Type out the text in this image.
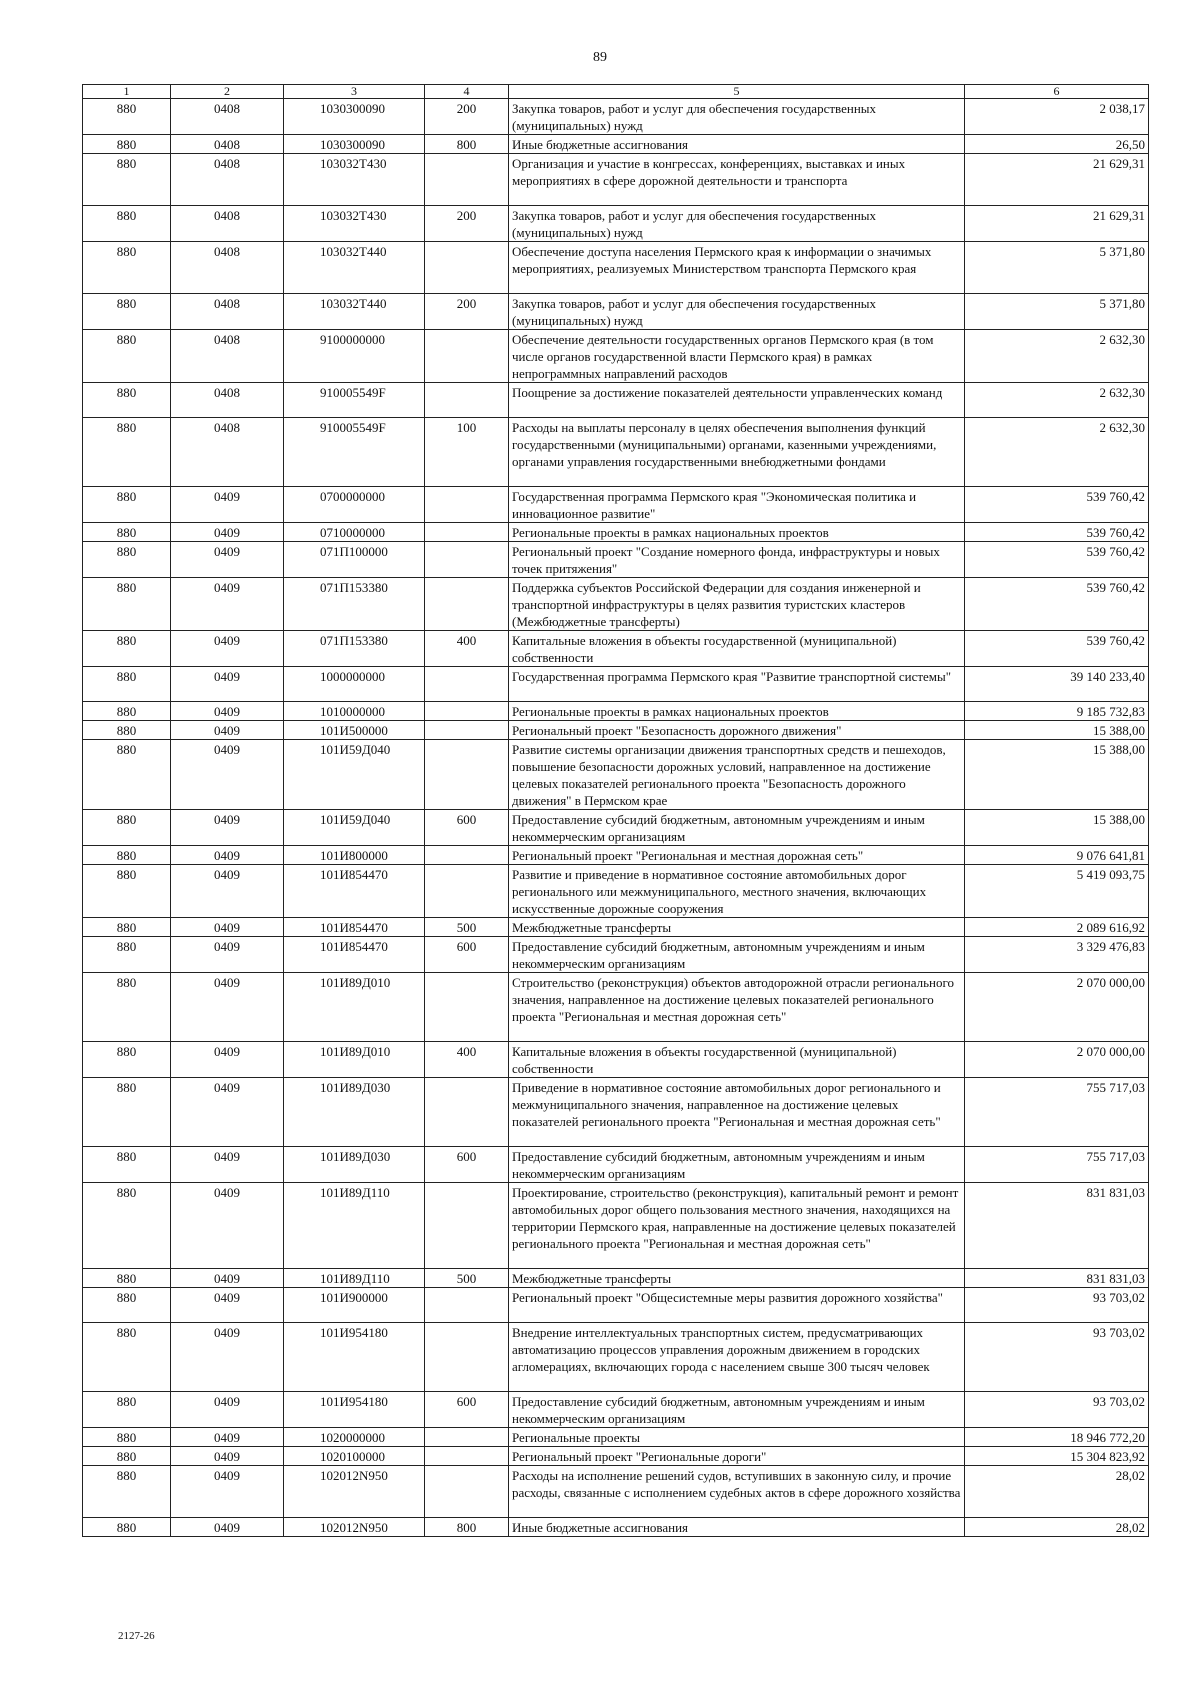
89
1	2	3	4	5	6
880	0408	1030300090	200	Закупка товаров, работ и услуг для обеспечения государственных (муниципальных) нужд	2 038,17
880	0408	1030300090	800	Иные бюджетные ассигнования	26,50
880	0408	103032Т430		Организация и участие в конгрессах, конференциях, выставках и иных мероприятиях в сфере дорожной деятельности и транспорта	21 629,31
880	0408	103032Т430	200	Закупка товаров, работ и услуг для обеспечения государственных (муниципальных) нужд	21 629,31
880	0408	103032Т440		Обеспечение доступа населения Пермского края к информации о значимых мероприятиях, реализуемых Министерством транспорта Пермского края	5 371,80
880	0408	103032Т440	200	Закупка товаров, работ и услуг для обеспечения государственных (муниципальных) нужд	5 371,80
880	0408	9100000000		Обеспечение деятельности государственных органов Пермского края (в том числе органов государственной власти Пермского края) в рамках непрограммных направлений расходов	2 632,30
880	0408	910005549F		Поощрение за достижение показателей деятельности управленческих команд	2 632,30
880	0408	910005549F	100	Расходы на выплаты персоналу в целях обеспечения выполнения функций государственными (муниципальными) органами, казенными учреждениями, органами управления государственными внебюджетными фондами	2 632,30
880	0409	0700000000		Государственная программа Пермского края "Экономическая политика и инновационное развитие"	539 760,42
880	0409	0710000000		Региональные проекты в рамках национальных проектов	539 760,42
880	0409	071П100000		Региональный проект "Создание номерного фонда, инфраструктуры и новых точек притяжения"	539 760,42
880	0409	071П153380		Поддержка субъектов Российской Федерации для создания инженерной и транспортной инфраструктуры в целях развития туристских кластеров (Межбюджетные трансферты)	539 760,42
880	0409	071П153380	400	Капитальные вложения в объекты государственной (муниципальной) собственности	539 760,42
880	0409	1000000000		Государственная программа Пермского края "Развитие транспортной системы"	39 140 233,40
880	0409	1010000000		Региональные проекты в рамках национальных проектов	9 185 732,83
880	0409	101И500000		Региональный проект "Безопасность дорожного движения"	15 388,00
880	0409	101И59Д040		Развитие системы организации движения транспортных средств и пешеходов, повышение безопасности дорожных условий, направленное на достижение целевых показателей регионального проекта "Безопасность дорожного движения" в Пермском крае	15 388,00
880	0409	101И59Д040	600	Предоставление субсидий бюджетным, автономным учреждениям и иным некоммерческим организациям	15 388,00
880	0409	101И800000		Региональный проект "Региональная и местная дорожная сеть"	9 076 641,81
880	0409	101И854470		Развитие и приведение в нормативное состояние автомобильных дорог регионального или межмуниципального, местного значения, включающих искусственные дорожные сооружения	5 419 093,75
880	0409	101И854470	500	Межбюджетные трансферты	2 089 616,92
880	0409	101И854470	600	Предоставление субсидий бюджетным, автономным учреждениям и иным некоммерческим организациям	3 329 476,83
880	0409	101И89Д010		Строительство (реконструкция) объектов автодорожной отрасли регионального значения, направленное на достижение целевых показателей регионального проекта "Региональная и местная дорожная сеть"	2 070 000,00
880	0409	101И89Д010	400	Капитальные вложения в объекты государственной (муниципальной) собственности	2 070 000,00
880	0409	101И89Д030		Приведение в нормативное состояние автомобильных дорог регионального и межмуниципального значения, направленное на достижение целевых показателей регионального проекта "Региональная и местная дорожная сеть"	755 717,03
880	0409	101И89Д030	600	Предоставление субсидий бюджетным, автономным учреждениям и иным некоммерческим организациям	755 717,03
880	0409	101И89Д110		Проектирование, строительство (реконструкция), капитальный ремонт и ремонт автомобильных дорог общего пользования местного значения, находящихся на территории Пермского края, направленные на достижение целевых показателей регионального проекта "Региональная и местная дорожная сеть"	831 831,03
880	0409	101И89Д110	500	Межбюджетные трансферты	831 831,03
880	0409	101И900000		Региональный проект "Общесистемные меры развития дорожного хозяйства"	93 703,02
880	0409	101И954180		Внедрение интеллектуальных транспортных систем, предусматривающих автоматизацию процессов управления дорожным движением в городских агломерациях, включающих города с населением свыше 300 тысяч человек	93 703,02
880	0409	101И954180	600	Предоставление субсидий бюджетным, автономным учреждениям и иным некоммерческим организациям	93 703,02
880	0409	1020000000		Региональные проекты	18 946 772,20
880	0409	1020100000		Региональный проект "Региональные дороги"	15 304 823,92
880	0409	102012N950		Расходы на исполнение решений судов, вступивших в законную силу, и прочие расходы, связанные с исполнением судебных актов в сфере дорожного хозяйства	28,02
880	0409	102012N950	800	Иные бюджетные ассигнования	28,02
2127-26
